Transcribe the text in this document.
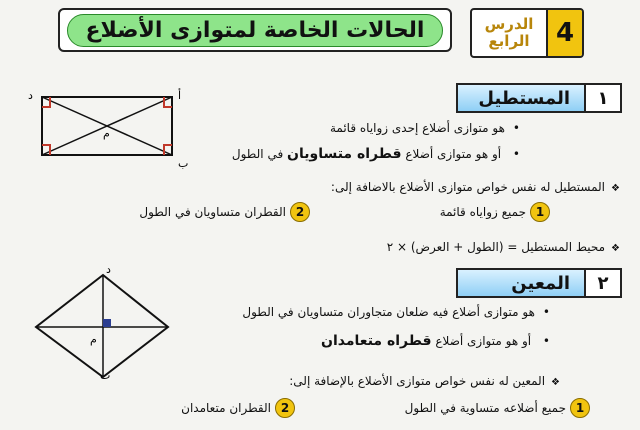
الحالات الخاصة لمتوازى الأضلاع	4
الدرس
الرابع
د	أ
ب
م
١
المستطيل
• هو متوازى أضلاع إحدى زواياه قائمة
• أو هو متوازى أضلاع قطراه متساويان في الطول
❖ المستطيل له نفس خواص متوازى الأضلاع بالاضافة إلى:
1جميع زواياه قائمة
2القطران متساويان في الطول
❖ محيط المستطيل = (الطول + العرض) × ٢
د
م
ب
٢
المعين
• هو متوازى أضلاع فيه ضلعان متجاوران متساويان في الطول
• أو هو متوازى أضلاع قطراه متعامدان
❖ المعين له نفس خواص متوازى الأضلاع بالإضافة إلى:
1جميع أضلاعه متساوية في الطول
2القطران متعامدان
